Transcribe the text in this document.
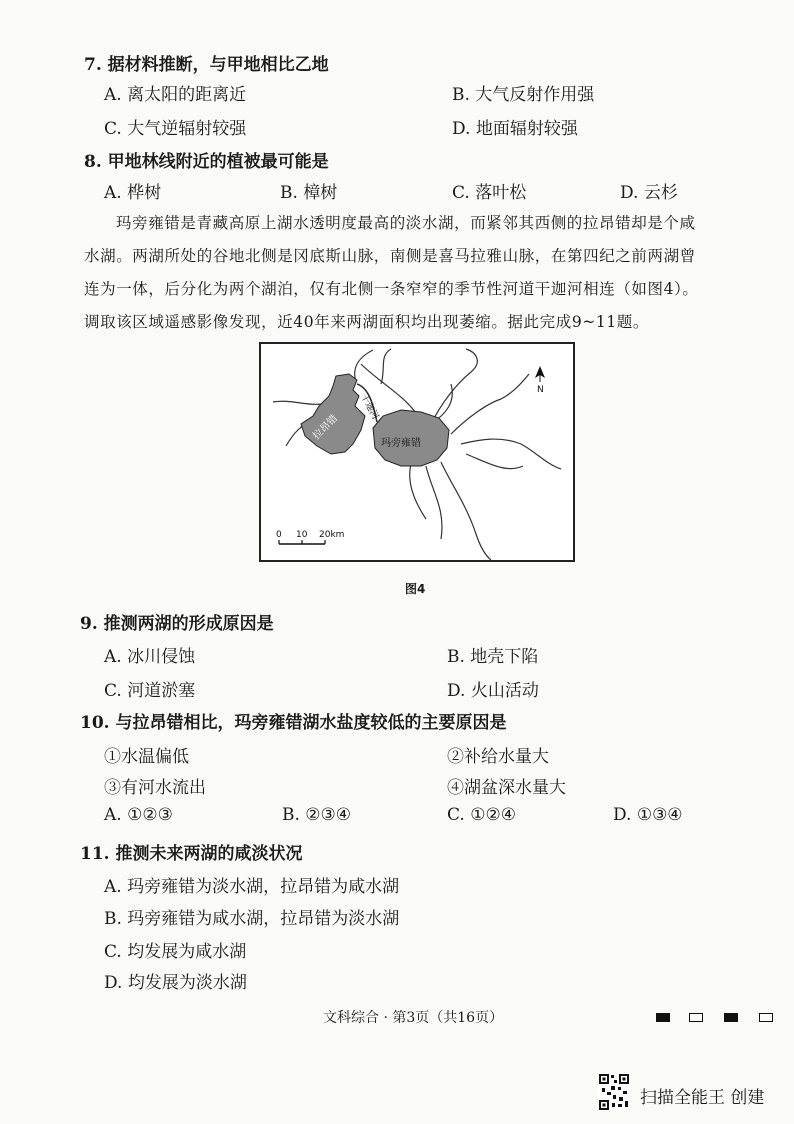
7. 据材料推断，与甲地相比乙地
A. 离太阳的距离近	B. 大气反射作用强
C. 大气逆辐射较强	D. 地面辐射较强
8. 甲地林线附近的植被最可能是
A. 桦树	B. 樟树	C. 落叶松	D. 云杉
玛旁雍错是青藏高原上湖水透明度最高的淡水湖，而紧邻其西侧的拉昂错却是个咸
水湖。两湖所处的谷地北侧是冈底斯山脉，南侧是喜马拉雅山脉，在第四纪之前两湖曾
连为一体，后分化为两个湖泊，仅有北侧一条窄窄的季节性河道干迦河相连（如图4）。
调取该区域遥感影像发现，近40年来两湖面积均出现萎缩。据此完成9~11题。
干迦河
拉昂错
玛旁雍错
N
0 10 20km
图4
9. 推测两湖的形成原因是
A. 冰川侵蚀	B. 地壳下陷
C. 河道淤塞	D. 火山活动
10. 与拉昂错相比，玛旁雍错湖水盐度较低的主要原因是
①水温偏低	②补给水量大
③有河水流出	④湖盆深水量大
A. ①②③	B. ②③④	C. ①②④	D. ①③④
11. 推测未来两湖的咸淡状况
A. 玛旁雍错为淡水湖，拉昂错为咸水湖
B. 玛旁雍错为咸水湖，拉昂错为淡水湖
C. 均发展为咸水湖
D. 均发展为淡水湖
文科综合 · 第3页（共16页）
扫描全能王 创建
